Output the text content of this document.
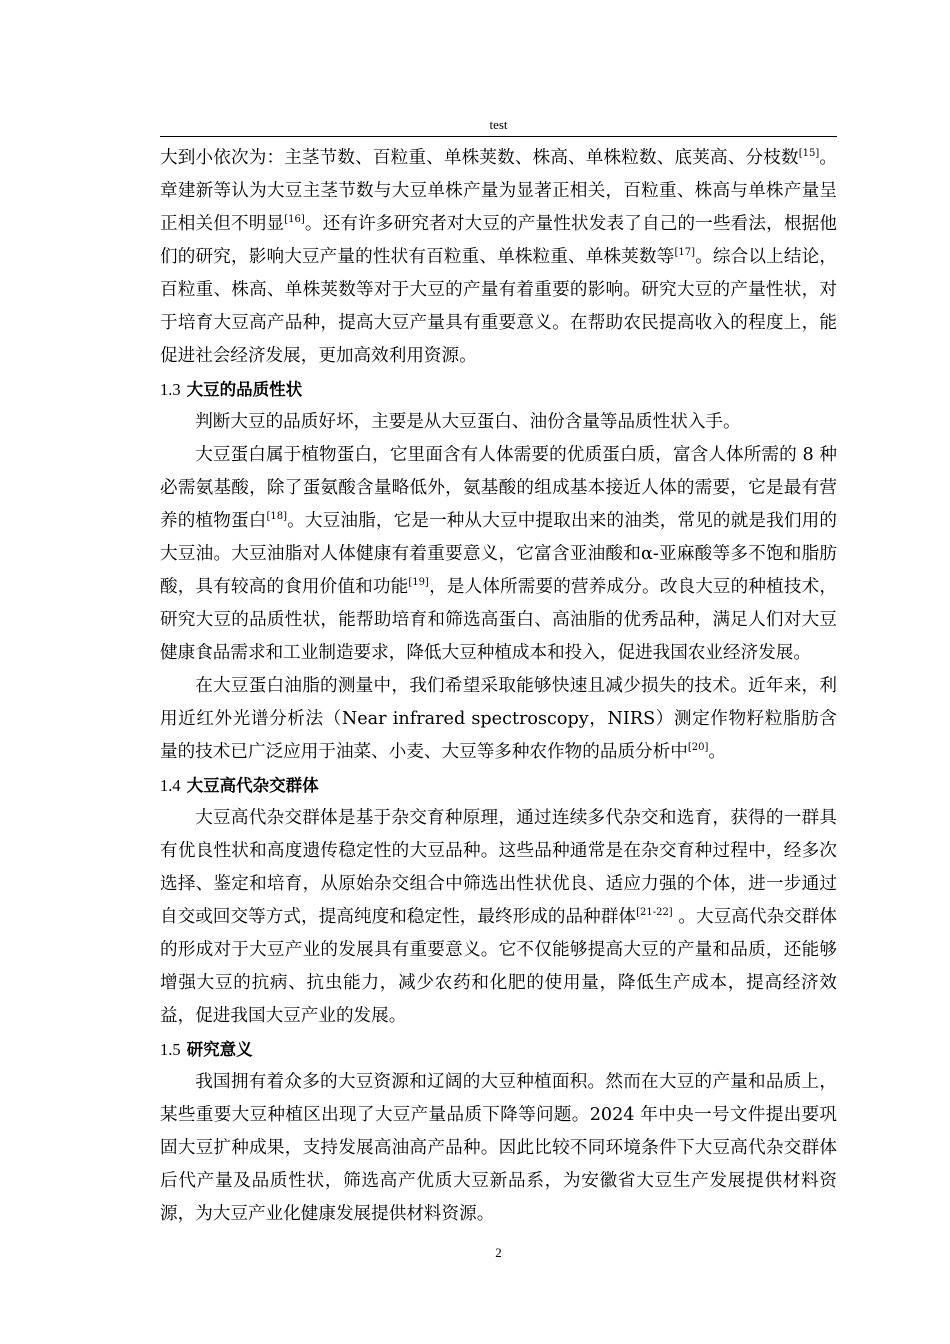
test

大到小依次为：主茎节数、百粒重、单株荚数、株高、单株粒数、底荚高、分枝数[15]。章建新等认为大豆主茎节数与大豆单株产量为显著正相关，百粒重、株高与单株产量呈正相关但不明显[16]。还有许多研究者对大豆的产量性状发表了自己的一些看法，根据他们的研究，影响大豆产量的性状有百粒重、单株粒重、单株荚数等[17]。综合以上结论，百粒重、株高、单株荚数等对于大豆的产量有着重要的影响。研究大豆的产量性状，对于培育大豆高产品种，提高大豆产量具有重要意义。在帮助农民提高收入的程度上，能促进社会经济发展，更加高效利用资源。

1.3 大豆的品质性状

判断大豆的品质好坏，主要是从大豆蛋白、油份含量等品质性状入手。

大豆蛋白属于植物蛋白，它里面含有人体需要的优质蛋白质，富含人体所需的 8 种必需氨基酸，除了蛋氨酸含量略低外，氨基酸的组成基本接近人体的需要，它是最有营养的植物蛋白[18]。大豆油脂，它是一种从大豆中提取出来的油类，常见的就是我们用的大豆油。大豆油脂对人体健康有着重要意义，它富含亚油酸和α-亚麻酸等多不饱和脂肪酸，具有较高的食用价值和功能[19]，是人体所需要的营养成分。改良大豆的种植技术，研究大豆的品质性状，能帮助培育和筛选高蛋白、高油脂的优秀品种，满足人们对大豆健康食品需求和工业制造要求，降低大豆种植成本和投入，促进我国农业经济发展。

在大豆蛋白油脂的测量中，我们希望采取能够快速且减少损失的技术。近年来，利用近红外光谱分析法（Near infrared spectroscopy，NIRS）测定作物籽粒脂肪含量的技术已广泛应用于油菜、小麦、大豆等多种农作物的品质分析中[20]。

1.4 大豆高代杂交群体

大豆高代杂交群体是基于杂交育种原理，通过连续多代杂交和选育，获得的一群具有优良性状和高度遗传稳定性的大豆品种。这些品种通常是在杂交育种过程中，经多次选择、鉴定和培育，从原始杂交组合中筛选出性状优良、适应力强的个体，进一步通过自交或回交等方式，提高纯度和稳定性，最终形成的品种群体[21-22] 。大豆高代杂交群体的形成对于大豆产业的发展具有重要意义。它不仅能够提高大豆的产量和品质，还能够增强大豆的抗病、抗虫能力，减少农药和化肥的使用量，降低生产成本，提高经济效益，促进我国大豆产业的发展。

1.5 研究意义

我国拥有着众多的大豆资源和辽阔的大豆种植面积。然而在大豆的产量和品质上，某些重要大豆种植区出现了大豆产量品质下降等问题。2024 年中央一号文件提出要巩固大豆扩种成果，支持发展高油高产品种。因此比较不同环境条件下大豆高代杂交群体后代产量及品质性状，筛选高产优质大豆新品系，为安徽省大豆生产发展提供材料资源，为大豆产业化健康发展提供材料资源。

2
